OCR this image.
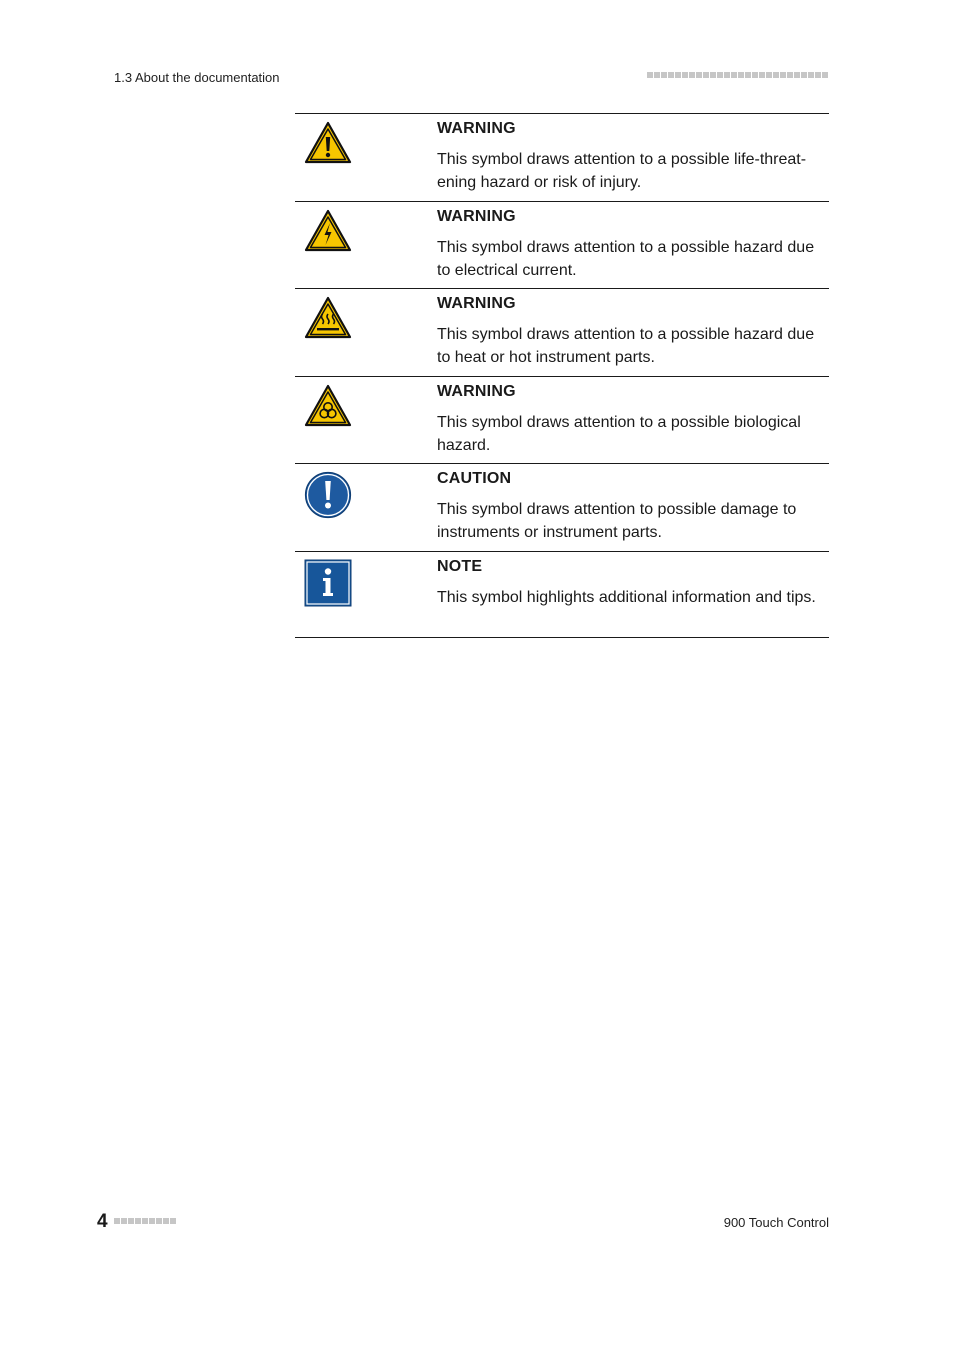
1.3 About the documentation

WARNING

This symbol draws attention to a possible life-threatening hazard or risk of injury.

WARNING

This symbol draws attention to a possible hazard due to electrical current.

WARNING

This symbol draws attention to a possible hazard due to heat or hot instrument parts.

WARNING

This symbol draws attention to a possible biological hazard.

CAUTION

This symbol draws attention to possible damage to instruments or instrument parts.

NOTE

This symbol highlights additional information and tips.

4	900 Touch Control
